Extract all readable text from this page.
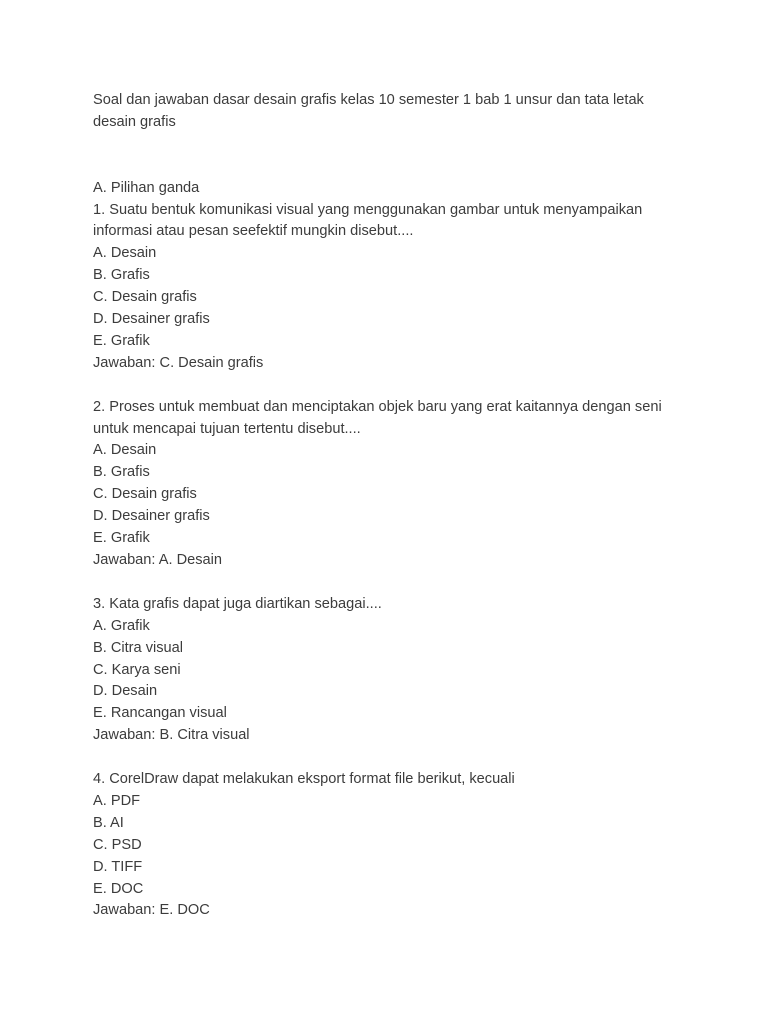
Soal dan jawaban dasar desain grafis kelas 10 semester 1 bab 1 unsur dan tata letak desain grafis
A. Pilihan ganda
1. Suatu bentuk komunikasi visual yang menggunakan gambar untuk menyampaikan informasi atau pesan seefektif mungkin disebut....
A. Desain
B. Grafis
C. Desain grafis
D. Desainer grafis
E. Grafik
Jawaban: C. Desain grafis
2. Proses untuk membuat dan menciptakan objek baru yang erat kaitannya dengan seni untuk mencapai tujuan tertentu disebut....
A. Desain
B. Grafis
C. Desain grafis
D. Desainer grafis
E. Grafik
Jawaban: A. Desain
3. Kata grafis dapat juga diartikan sebagai....
A. Grafik
B. Citra visual
C. Karya seni
D. Desain
E. Rancangan visual
Jawaban: B. Citra visual
4. CorelDraw dapat melakukan eksport format file berikut, kecuali
A. PDF
B. AI
C. PSD
D. TIFF
E. DOC
Jawaban: E. DOC
